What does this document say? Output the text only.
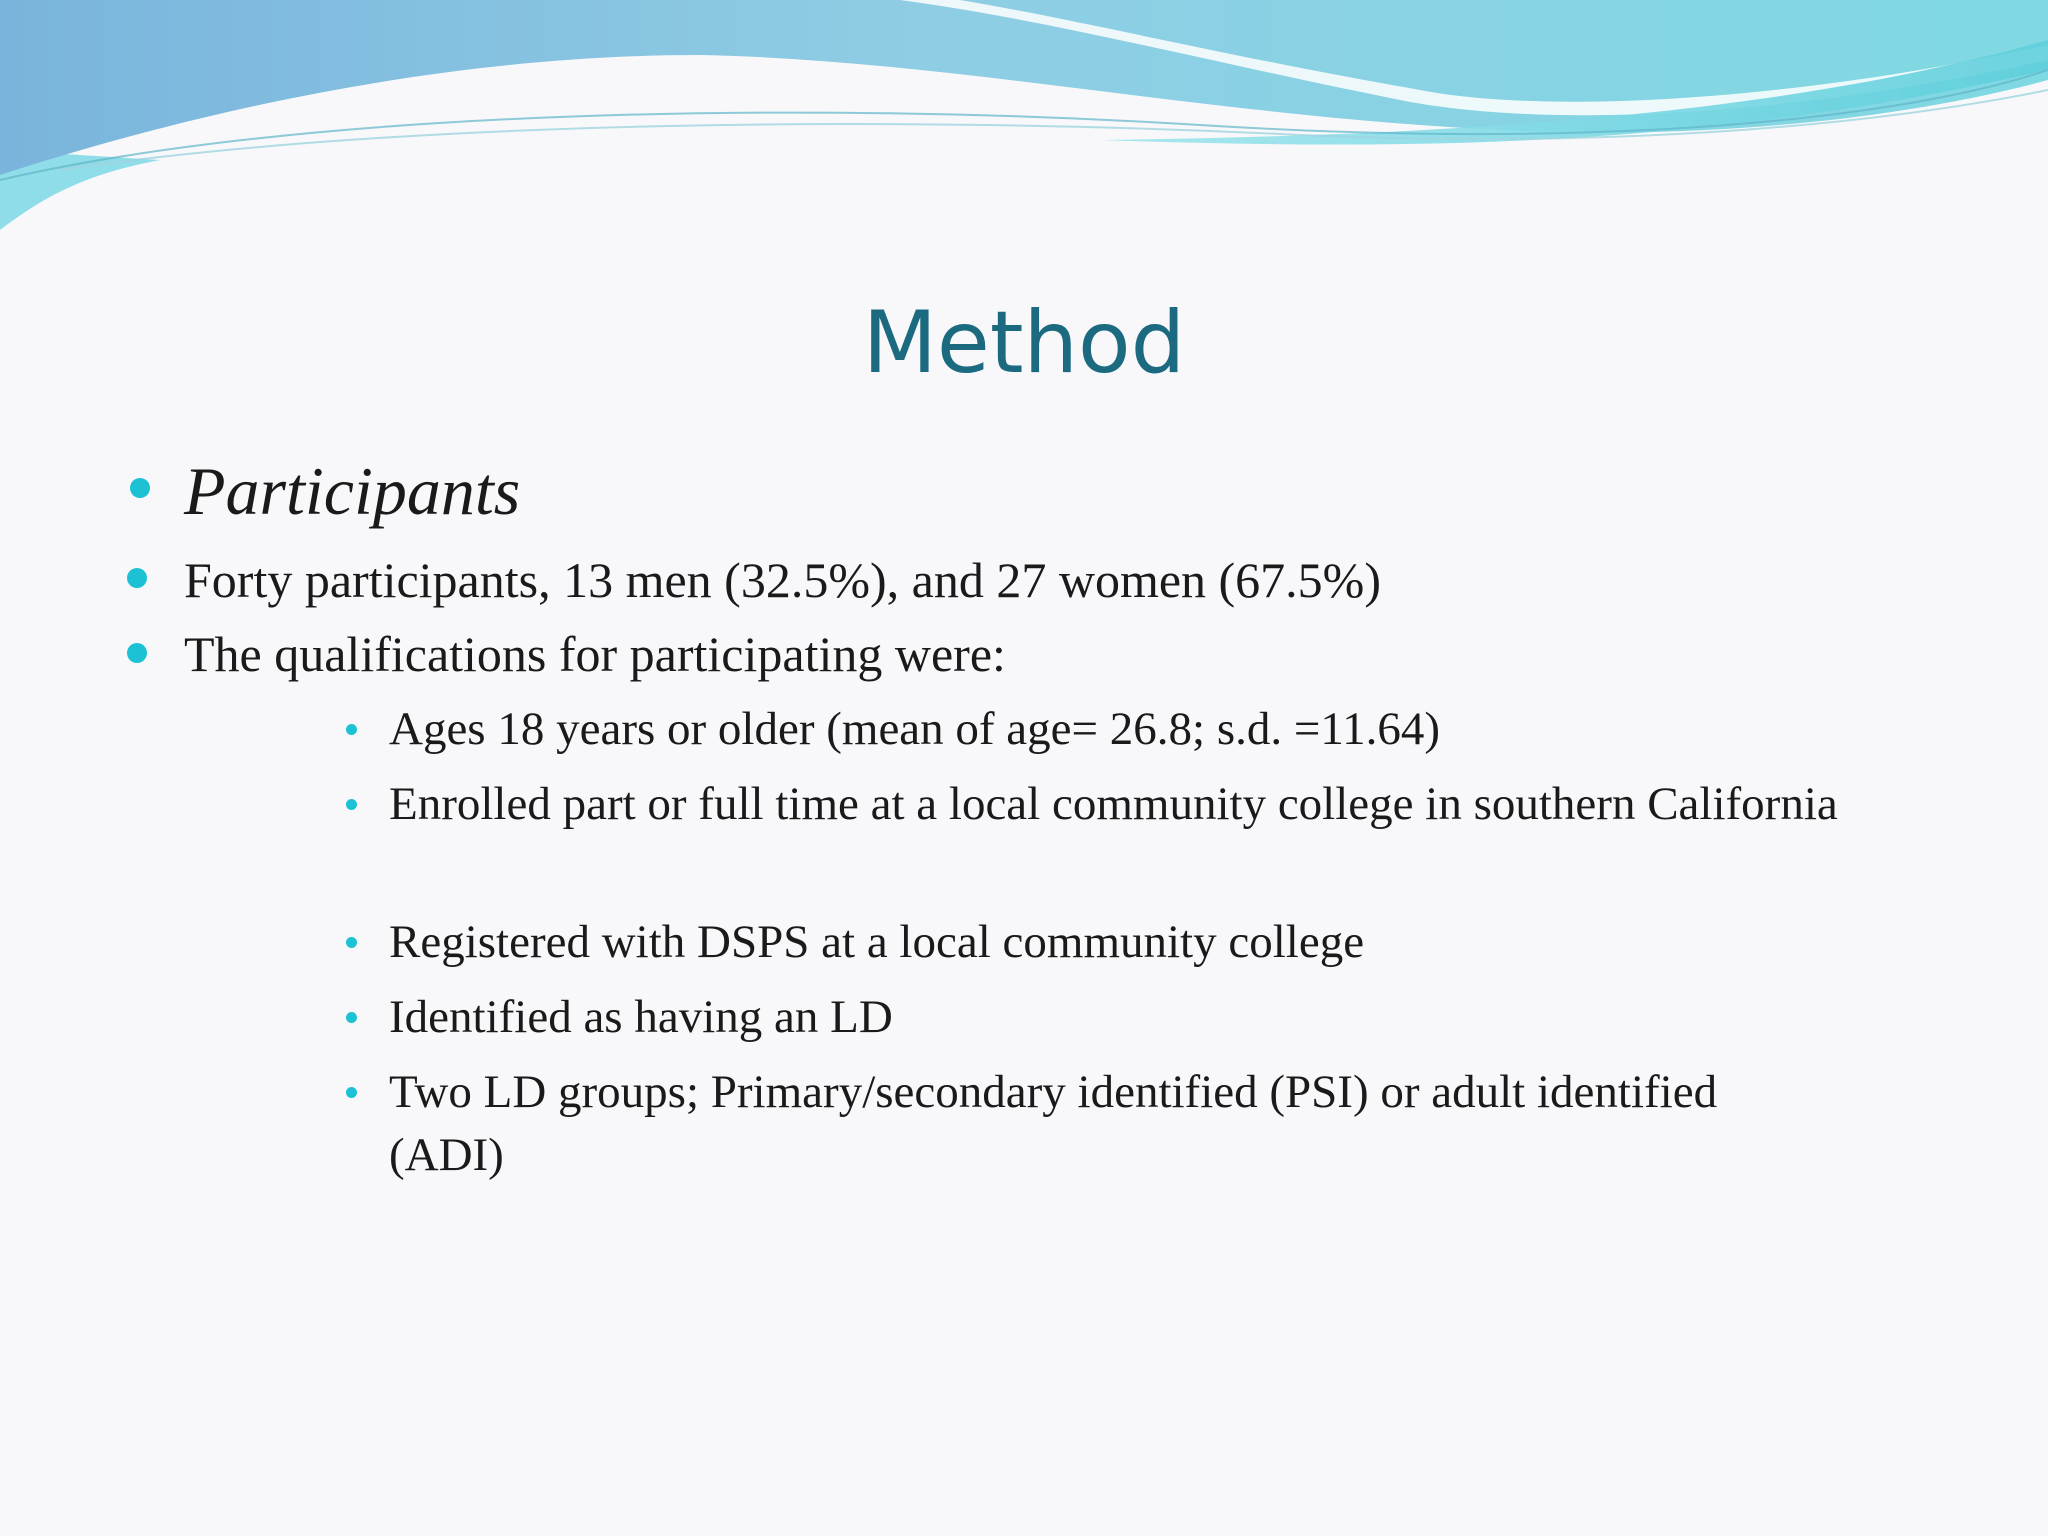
Method
Participants
Forty participants, 13 men (32.5%), and 27 women (67.5%)
The qualifications for participating were:
Ages 18 years or older (mean of age= 26.8; s.d. =11.64)
Enrolled part or full time at a local community college in southern California
Registered with DSPS at a local community college
Identified as having an LD
Two LD groups; Primary/secondary identified (PSI) or adult identified (ADI)
